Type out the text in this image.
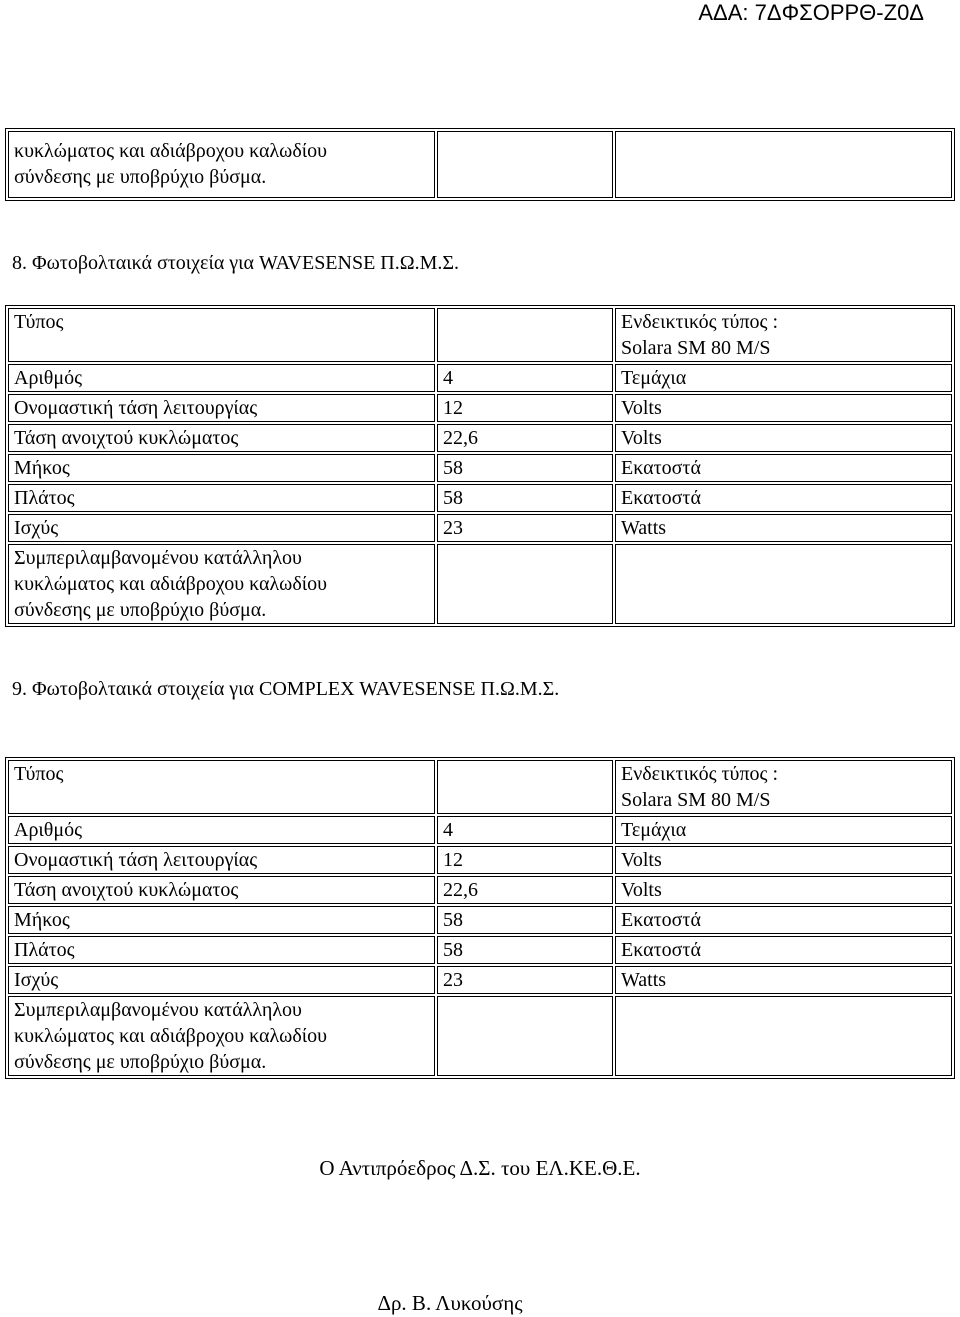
ΑΔΑ: 7ΔΦΣΟΡΡΘ-Ζ0Δ
κυκλώματος και αδιάβροχου καλωδίου
σύνδεσης με υποβρύχιο βύσμα.

8. Φωτοβολταικά στοιχεία για WAVESENSE Π.Ω.Μ.Σ.
Τύπος		Ενδεικτικός τύπος :
Solara SM 80 M/S

Αριθμός	4	Τεμάχια
Ονομαστική τάση λειτουργίας	12	Volts
Τάση ανοιχτού κυκλώματος	22,6	Volts
Μήκος	58	Εκατοστά
Πλάτος	58	Εκατοστά
Ισχύς	23	Watts

Συμπεριλαμβανομένου κατάλληλου
κυκλώματος και αδιάβροχου καλωδίου
σύνδεσης με υποβρύχιο βύσμα.		

9. Φωτοβολταικά στοιχεία για COMPLEX WAVESENSE Π.Ω.Μ.Σ.
Τύπος		Ενδεικτικός τύπος :
Solara SM 80 M/S

Αριθμός	4	Τεμάχια
Ονομαστική τάση λειτουργίας	12	Volts
Τάση ανοιχτού κυκλώματος	22,6	Volts
Μήκος	58	Εκατοστά
Πλάτος	58	Εκατοστά
Ισχύς	23	Watts

Συμπεριλαμβανομένου κατάλληλου
κυκλώματος και αδιάβροχου καλωδίου
σύνδεσης με υποβρύχιο βύσμα.		

Ο Αντιπρόεδρος Δ.Σ. του ΕΛ.ΚΕ.Θ.Ε.
Δρ. Β. Λυκούσης
